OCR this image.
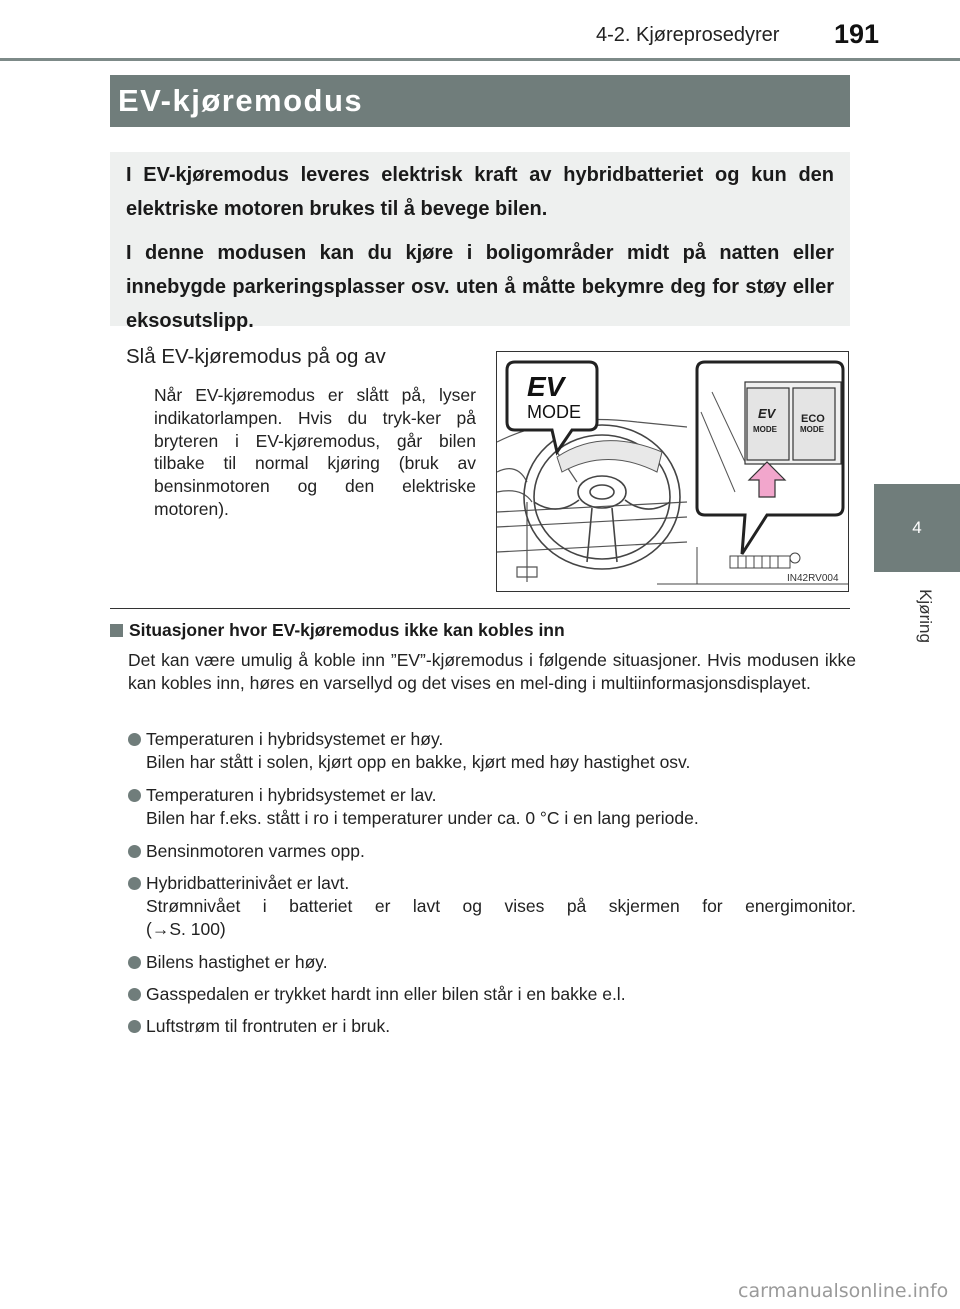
4-2. Kjøreprosedyrer 191
4
Kjøring
EV-kjøremodus

I EV-kjøremodus leveres elektrisk kraft av hybridbatteriet og kun den elektriske motoren brukes til å bevege bilen.

I denne modusen kan du kjøre i boligområder midt på natten eller innebygde parkeringsplasser osv. uten å måtte bekymre deg for støy eller eksosutslipp.

Slå EV-kjøremodus på og av
Når EV-kjøremodus er slått på, lyser indikatorlampen. Hvis du tryk-ker på bryteren i EV-kjøremodus, går bilen tilbake til normal kjøring (bruk av bensinmotoren og den elektriske motoren).
EV
MODE	EV
MODE
ECO
MODE
IN42RV004
Situasjoner hvor EV-kjøremodus ikke kan kobles inn
Det kan være umulig å koble inn ”EV”-kjøremodus i følgende situasjoner. Hvis modusen ikke kan kobles inn, høres en varsellyd og det vises en mel-ding i multiinformasjonsdisplayet.
Temperaturen i hybridsystemet er høy.
Bilen har stått i solen, kjørt opp en bakke, kjørt med høy hastighet osv.
Temperaturen i hybridsystemet er lav.
Bilen har f.eks. stått i ro i temperaturer under ca. 0 °C i en lang periode.
Bensinmotoren varmes opp.
Hybridbatterinivået er lavt.
Strømnivået i batteriet er lavt og vises på skjermen for energimonitor.
(→S. 100)
Bilens hastighet er høy.
Gasspedalen er trykket hardt inn eller bilen står i en bakke e.l.
Luftstrøm til frontruten er i bruk.
carmanualsonline.info
